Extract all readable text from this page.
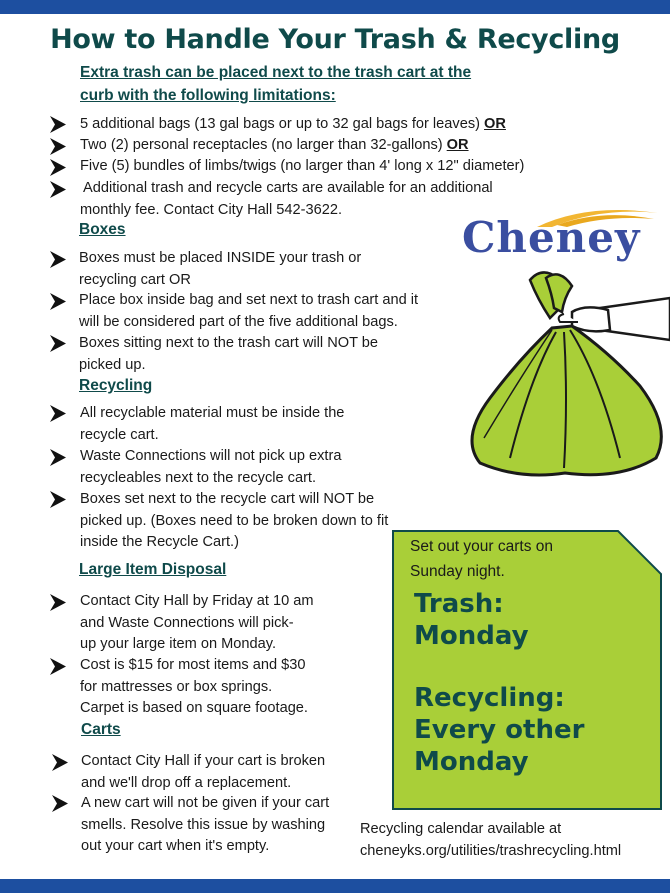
How to Handle Your Trash & Recycling
Extra trash can be placed next to the trash cart at the
curb with the following limitations:
5 additional bags (13 gal bags or up to 32 gal bags for leaves) OR
Two (2) personal receptacles (no larger than 32-gallons) OR
Five (5) bundles of limbs/twigs (no larger than 4' long x 12" diameter)
Additional trash and recycle carts are available for an additional
monthly fee. Contact City Hall 542-3622.
Boxes
Boxes must be placed INSIDE your trash or
recycling cart OR
Place box inside bag and set next to trash cart and it
will be considered part of the five additional bags.
Boxes sitting next to the trash cart will NOT be
picked up.
Recycling
All recyclable material must be inside the
recycle cart.
Waste Connections will not pick up extra
recycleables next to the recycle cart.
Boxes set next to the recycle cart will NOT be
picked up. (Boxes need to be broken down to fit
inside the Recycle Cart.)
Large Item Disposal
Contact City Hall by Friday at 10 am
and Waste Connections will pick-
up your large item on Monday.
Cost is $15 for most items and $30
for mattresses or box springs.
Carpet is based on square footage.
Carts
Contact City Hall if your cart is broken
and we'll drop off a replacement.
A new cart will not be given if your cart
smells. Resolve this issue by washing
out your cart when it's empty.
Cheney
Set out your carts on
Sunday night.
Trash:
Monday
Recycling:
Every other
Monday
Recycling calendar available at
cheneyks.org/utilities/trashrecycling.html
